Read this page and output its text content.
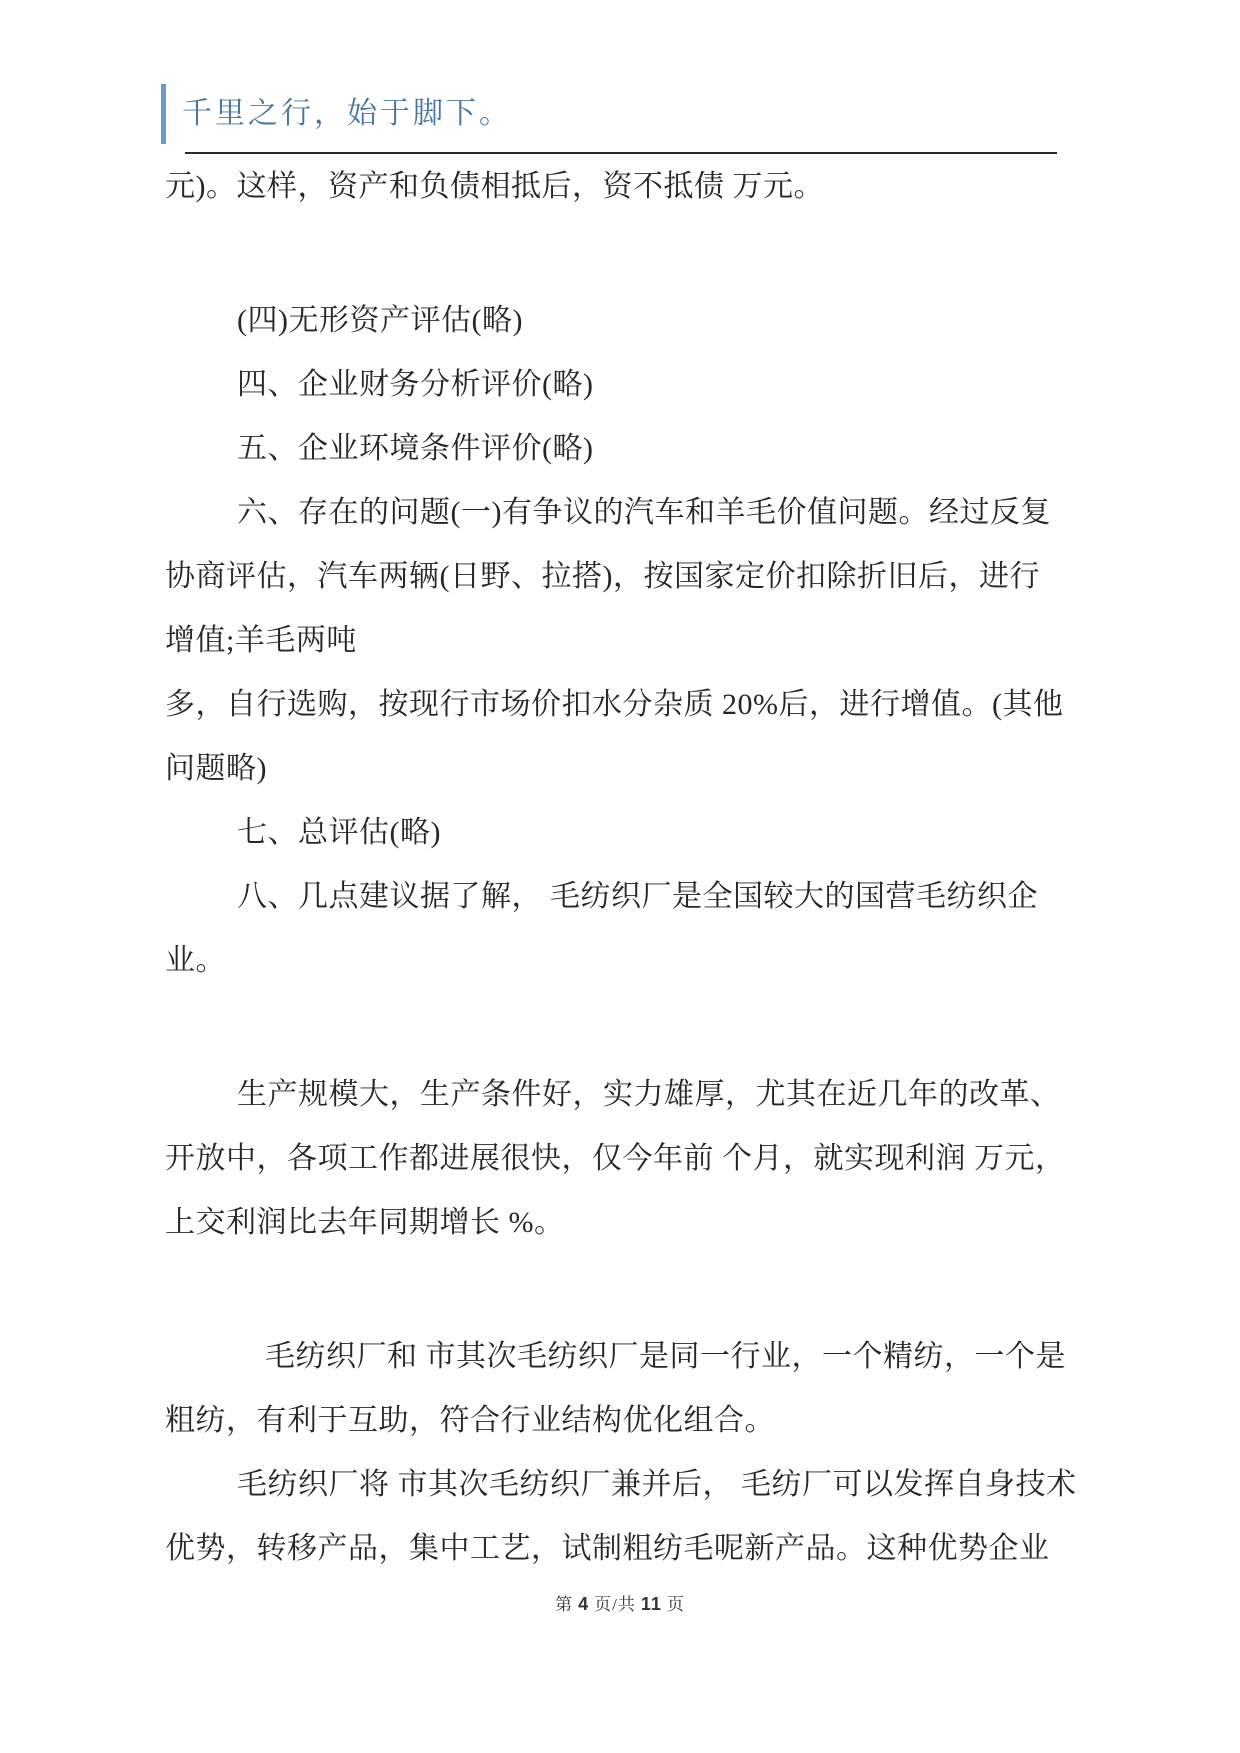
千里之行，始于脚下。

元)。这样，资产和负债相抵后，资不抵债 万元。

(四)无形资产评估(略)

四、企业财务分析评价(略)

五、企业环境条件评价(略)

六、存在的问题(一)有争议的汽车和羊毛价值问题。经过反复

协商评估，汽车两辆(日野、拉搭)，按国家定价扣除折旧后，进行

增值;羊毛两吨

多，自行选购，按现行市场价扣水分杂质 20%后，进行增值。(其他

问题略)

七、总评估(略)

八、几点建议据了解， 毛纺织厂是全国较大的国营毛纺织企

业。

生产规模大，生产条件好，实力雄厚，尤其在近几年的改革、

开放中，各项工作都进展很快，仅今年前 个月，就实现利润 万元，

上交利润比去年同期增长 %。

毛纺织厂和 市其次毛纺织厂是同一行业，一个精纺，一个是

粗纺，有利于互助，符合行业结构优化组合。

毛纺织厂将 市其次毛纺织厂兼并后， 毛纺厂可以发挥自身技术

优势，转移产品，集中工艺，试制粗纺毛呢新产品。这种优势企业

第 4 页/共 11 页
